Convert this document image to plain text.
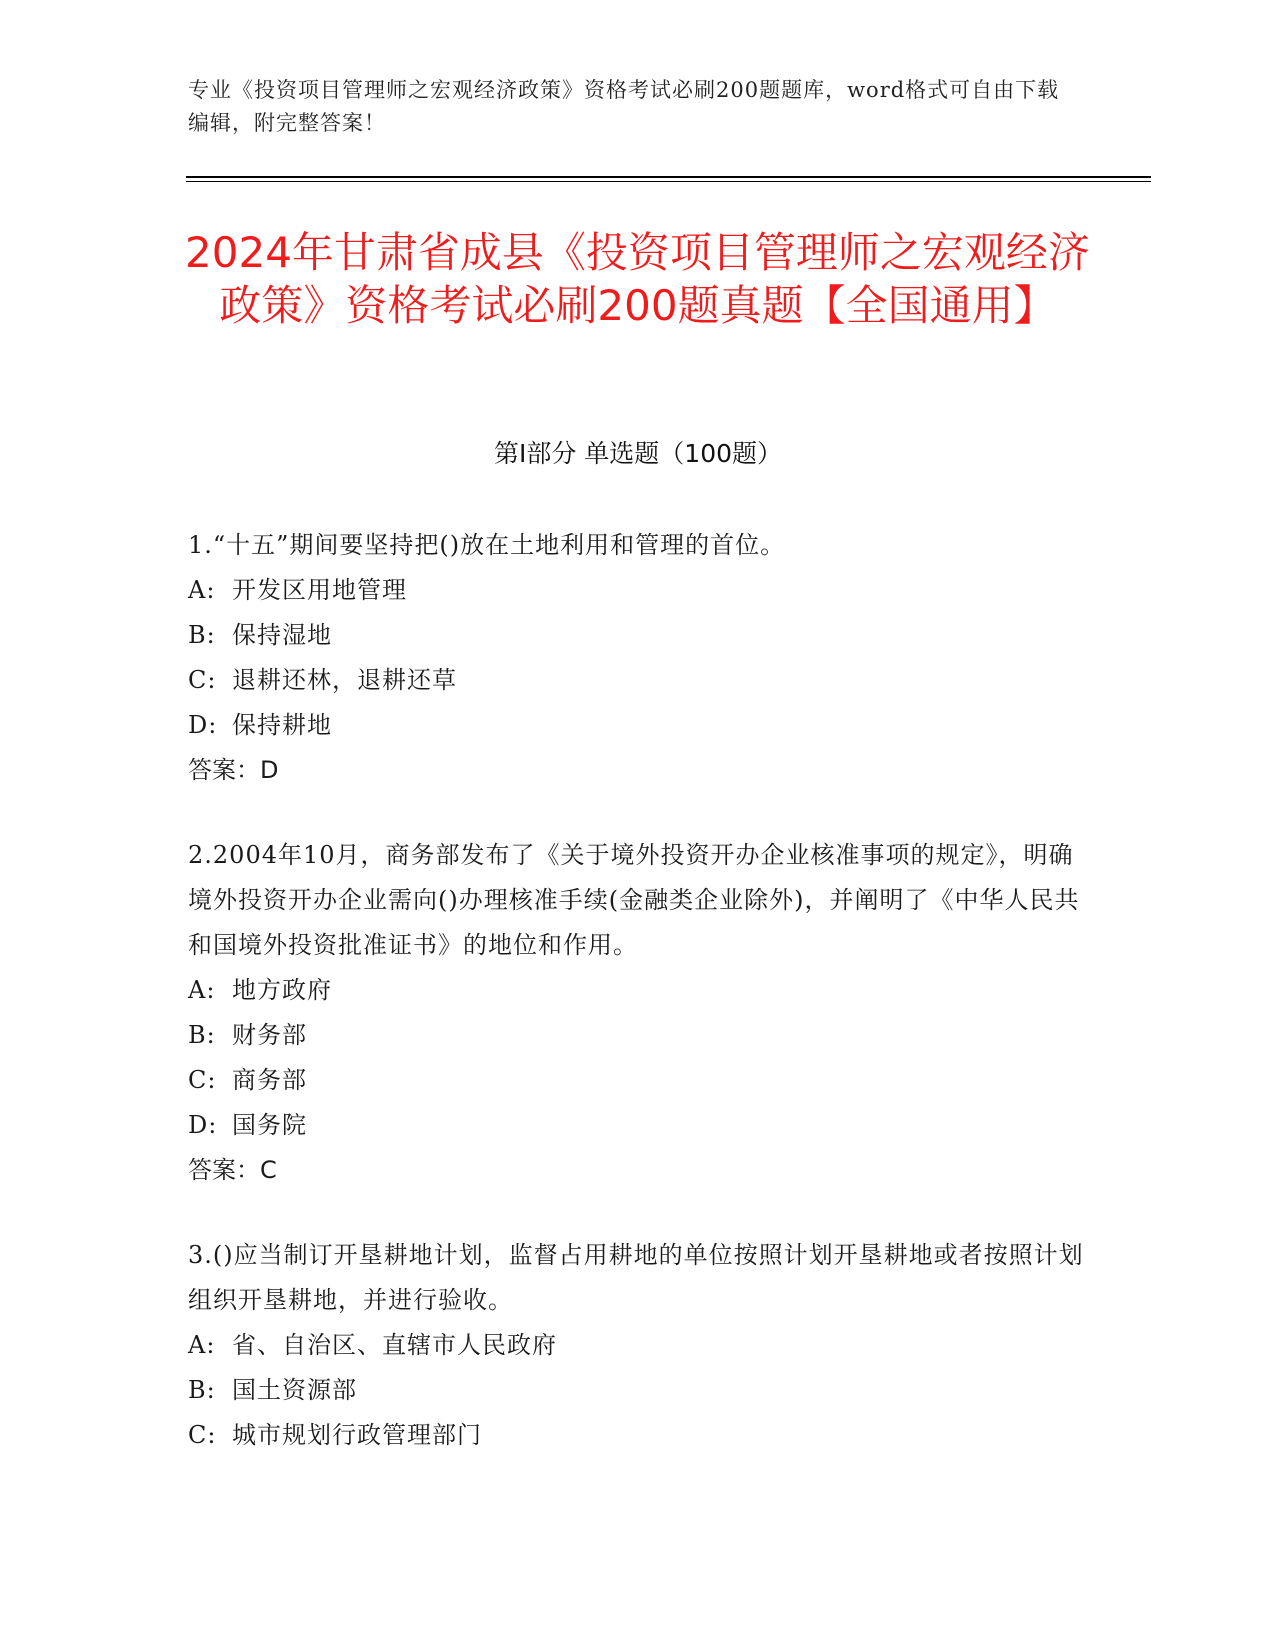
专业《投资项目管理师之宏观经济政策》资格考试必刷200题题库，word格式可自由下载编辑，附完整答案！
2024年甘肃省成县《投资项目管理师之宏观经济政策》资格考试必刷200题真题【全国通用】
第I部分 单选题（100题）

1.“十五”期间要坚持把()放在土地利用和管理的首位。

A: 开发区用地管理

B: 保持湿地

C: 退耕还林，退耕还草

D: 保持耕地

答案：D

2.2004年10月，商务部发布了《关于境外投资开办企业核准事项的规定》，明确境外投资开办企业需向()办理核准手续(金融类企业除外)，并阐明了《中华人民共和国境外投资批准证书》的地位和作用。

A: 地方政府

B: 财务部

C: 商务部

D: 国务院

答案：C

3.()应当制订开垦耕地计划，监督占用耕地的单位按照计划开垦耕地或者按照计划组织开垦耕地，并进行验收。

A: 省、自治区、直辖市人民政府

B: 国土资源部

C: 城市规划行政管理部门
